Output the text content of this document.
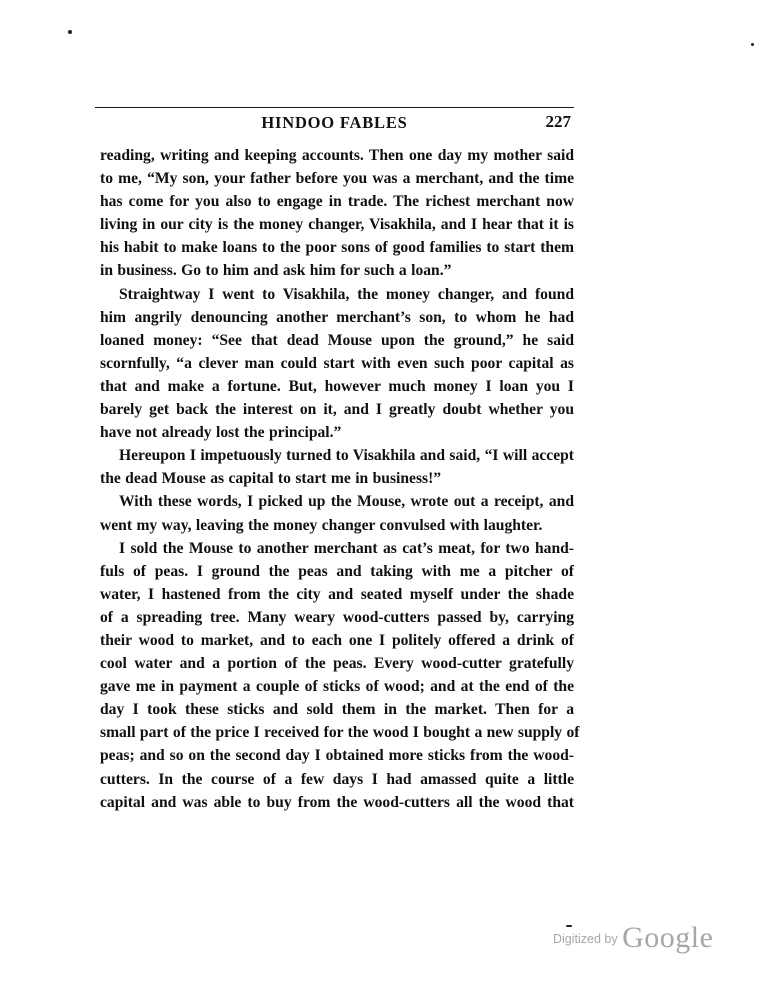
HINDOO FABLES	227
reading, writing and keeping accounts. Then one day my mother said
to me, “My son, your father before you was a merchant, and the time
has come for you also to engage in trade. The richest merchant now
living in our city is the money changer, Visakhila, and I hear that it is
his habit to make loans to the poor sons of good families to start them
in business. Go to him and ask him for such a loan.”
Straightway I went to Visakhila, the money changer, and found
him angrily denouncing another merchant’s son, to whom he had
loaned money: “See that dead Mouse upon the ground,” he said
scornfully, “a clever man could start with even such poor capital as
that and make a fortune. But, however much money I loan you I
barely get back the interest on it, and I greatly doubt whether you
have not already lost the principal.”
Hereupon I impetuously turned to Visakhila and said, “I will accept
the dead Mouse as capital to start me in business!”
With these words, I picked up the Mouse, wrote out a receipt, and
went my way, leaving the money changer convulsed with laughter.
I sold the Mouse to another merchant as cat’s meat, for two hand-
fuls of peas. I ground the peas and taking with me a pitcher of
water, I hastened from the city and seated myself under the shade
of a spreading tree. Many weary wood-cutters passed by, carrying
their wood to market, and to each one I politely offered a drink of
cool water and a portion of the peas. Every wood-cutter gratefully
gave me in payment a couple of sticks of wood; and at the end of the
day I took these sticks and sold them in the market. Then for a
small part of the price I received for the wood I bought a new supply of
peas; and so on the second day I obtained more sticks from the wood-
cutters. In the course of a few days I had amassed quite a little
capital and was able to buy from the wood-cutters all the wood that
$^{Digitized by}$ Google
